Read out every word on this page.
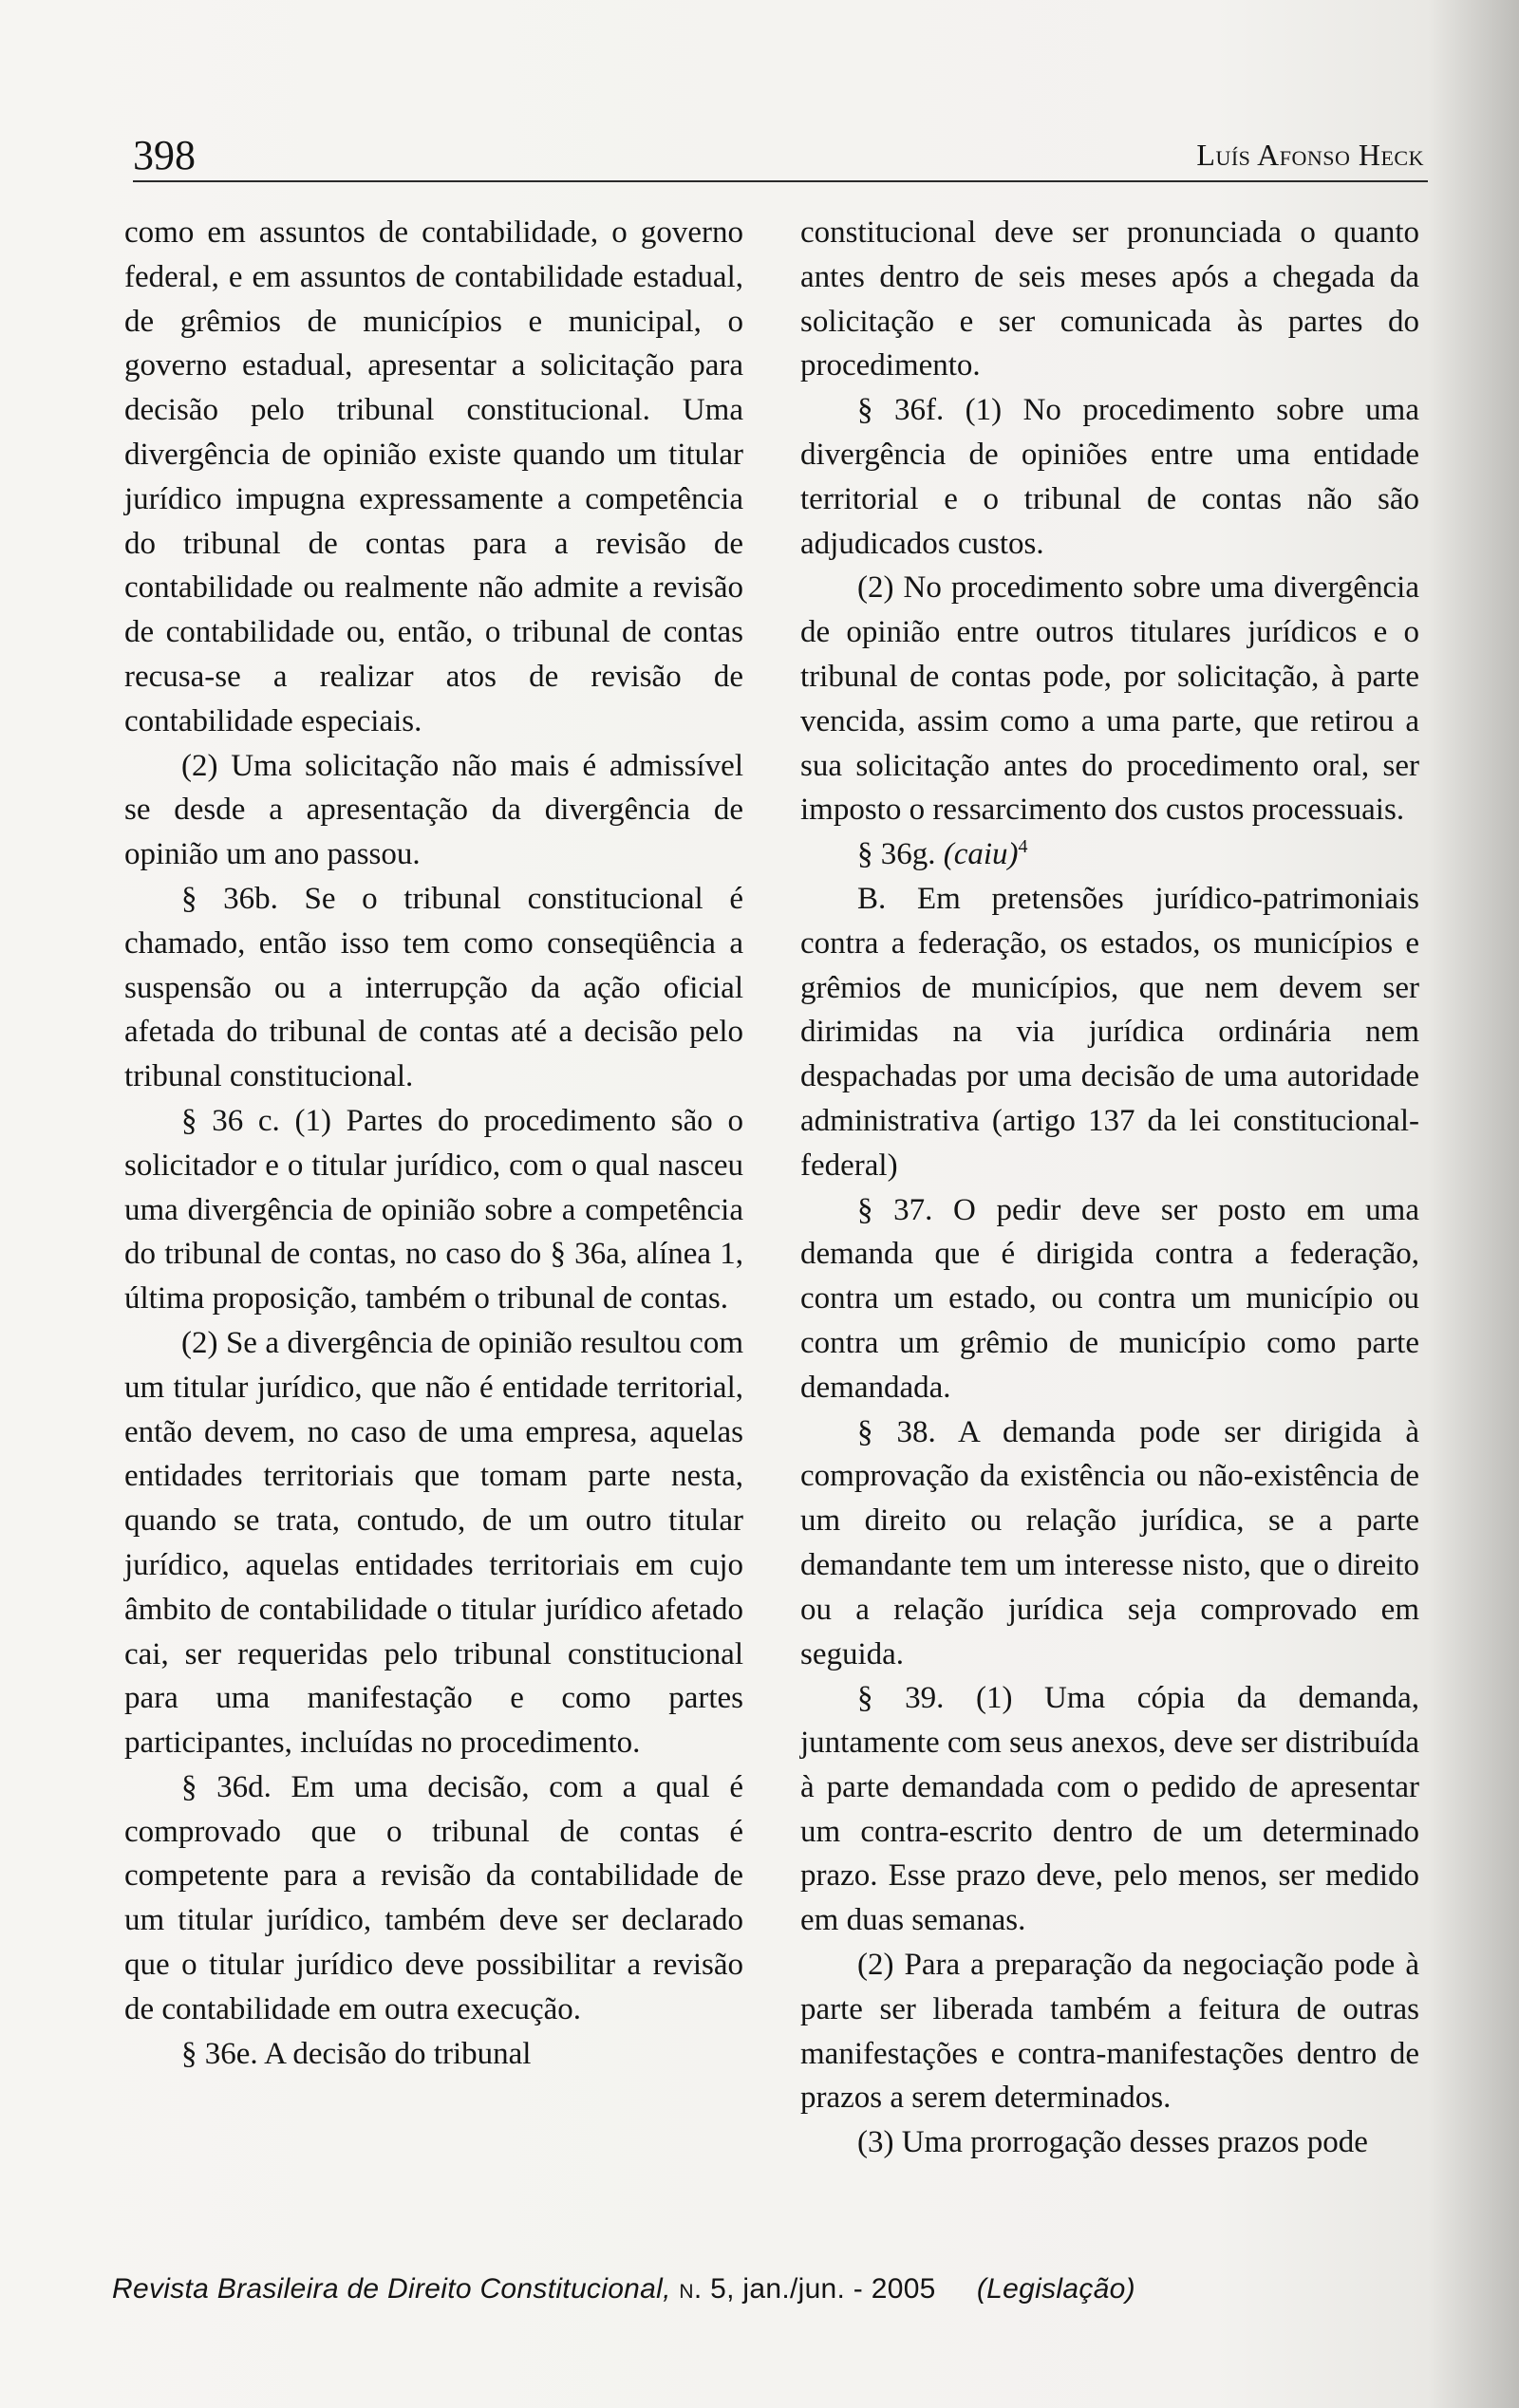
398	Luís Afonso Heck

como em assuntos de contabilidade, o governo federal, e em assuntos de contabilidade estadual, de grêmios de municípios e municipal, o governo estadual, apresentar a solicitação para decisão pelo tribunal constitucional. Uma divergência de opinião existe quando um titular jurídico impugna expressamente a competência do tribunal de contas para a revisão de contabilidade ou realmente não admite a revisão de contabilidade ou, então, o tribunal de contas recusa-se a realizar atos de revisão de contabilidade especiais.

(2) Uma solicitação não mais é admissível se desde a apresentação da divergência de opinião um ano passou.

§ 36b. Se o tribunal constitucional é chamado, então isso tem como conseqüência a suspensão ou a interrupção da ação oficial afetada do tribunal de contas até a decisão pelo tribunal constitucional.

§ 36 c. (1) Partes do procedimento são o solicitador e o titular jurídico, com o qual nasceu uma divergência de opinião sobre a competência do tribunal de contas, no caso do § 36a, alínea 1, última proposição, também o tribunal de contas.

(2) Se a divergência de opinião resultou com um titular jurídico, que não é entidade territorial, então devem, no caso de uma empresa, aquelas entidades territoriais que tomam parte nesta, quando se trata, contudo, de um outro titular jurídico, aquelas entidades territoriais em cujo âmbito de contabilidade o titular jurídico afetado cai, ser requeridas pelo tribunal constitucional para uma manifestação e como partes participantes, incluídas no procedimento.

§ 36d. Em uma decisão, com a qual é comprovado que o tribunal de contas é competente para a revisão da contabilidade de um titular jurídico, também deve ser declarado que o titular jurídico deve possibilitar a revisão de contabilidade em outra execução.

§ 36e. A decisão do tribunal

constitucional deve ser pronunciada o quanto antes dentro de seis meses após a chegada da solicitação e ser comunicada às partes do procedimento.

§ 36f. (1) No procedimento sobre uma divergência de opiniões entre uma entidade territorial e o tribunal de contas não são adjudicados custos.

(2) No procedimento sobre uma divergência de opinião entre outros titulares jurídicos e o tribunal de contas pode, por solicitação, à parte vencida, assim como a uma parte, que retirou a sua solicitação antes do procedimento oral, ser imposto o ressarcimento dos custos processuais.

§ 36g. (caiu)$^4$

B. Em pretensões jurídico-patrimoniais contra a federação, os estados, os municípios e grêmios de municípios, que nem devem ser dirimidas na via jurídica ordinária nem despachadas por uma decisão de uma autoridade administrativa (artigo 137 da lei constitucional-federal)

§ 37. O pedir deve ser posto em uma demanda que é dirigida contra a federação, contra um estado, ou contra um município ou contra um grêmio de município como parte demandada.

§ 38. A demanda pode ser dirigida à comprovação da existência ou não-existência de um direito ou relação jurídica, se a parte demandante tem um interesse nisto, que o direito ou a relação jurídica seja comprovado em seguida.

§ 39. (1) Uma cópia da demanda, juntamente com seus anexos, deve ser distribuída à parte demandada com o pedido de apresentar um contra-escrito dentro de um determinado prazo. Esse prazo deve, pelo menos, ser medido em duas semanas.

(2) Para a preparação da negociação pode à parte ser liberada também a feitura de outras manifestações e contra-manifestações dentro de prazos a serem determinados.

(3) Uma prorrogação desses prazos pode

Revista Brasileira de Direito Constitucional, n. 5, jan./jun. - 2005 (Legislação)
